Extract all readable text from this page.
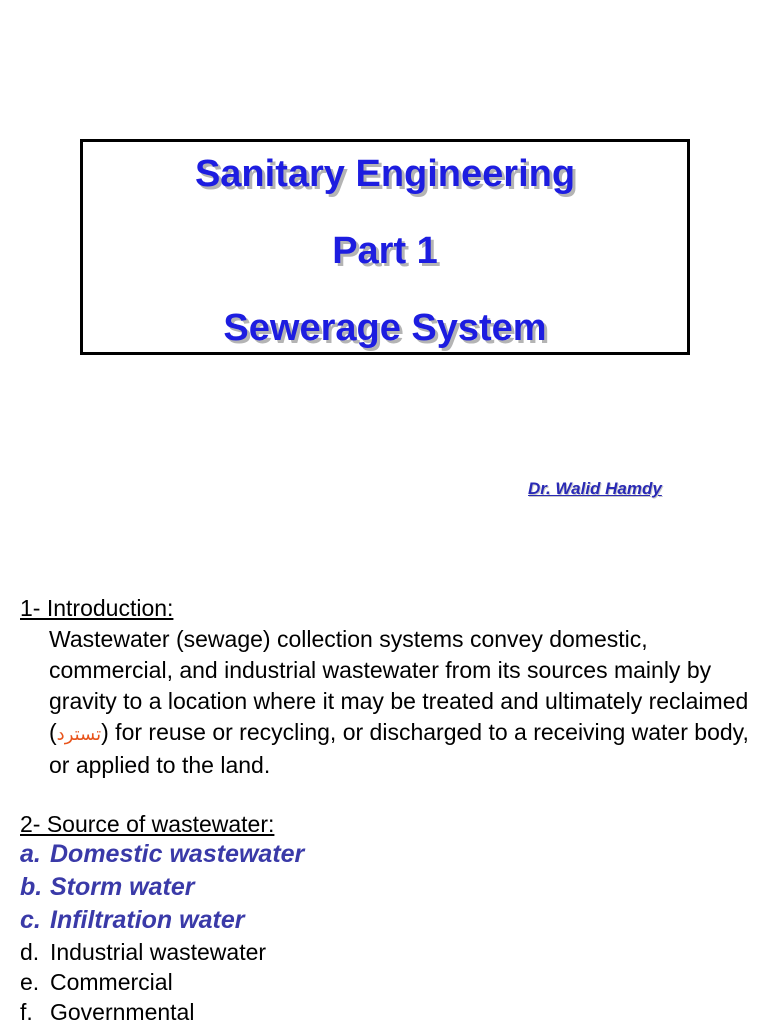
Sanitary Engineering
Part 1
Sewerage System
Dr. Walid Hamdy
1- Introduction:

Wastewater (sewage) collection systems convey domestic, commercial, and industrial wastewater from its sources mainly by gravity to a location where it may be treated and ultimately reclaimed (تسترد) for reuse or recycling, or discharged to a receiving water body, or applied to the land.

2- Source of wastewater:
a. Domestic wastewater
b. Storm water
c. Infiltration water
d. Industrial wastewater
e. Commercial
f. Governmental
